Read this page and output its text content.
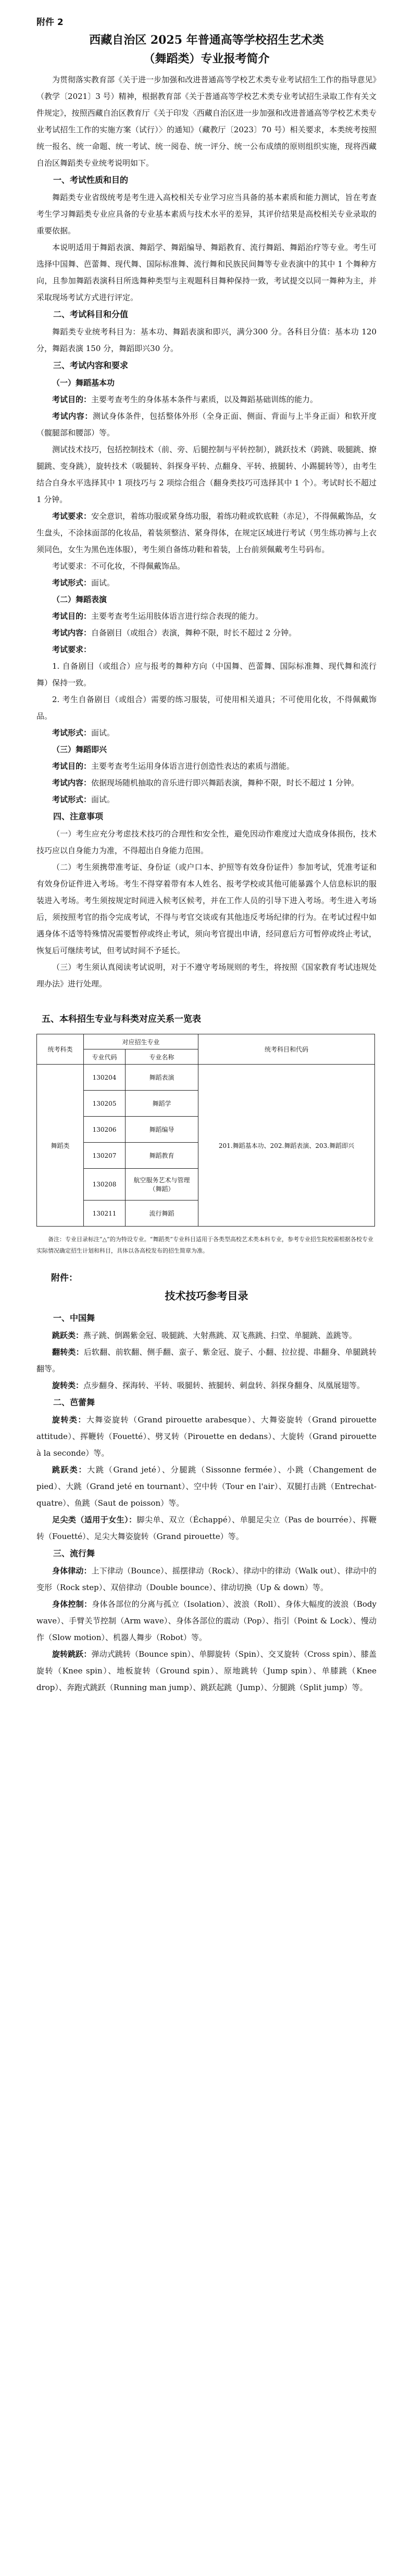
附件 2
西藏自治区 2025 年普通高等学校招生艺术类
（舞蹈类）专业报考简介

为贯彻落实教育部《关于进一步加强和改进普通高等学校艺术类专业考试招生工作的指导意见》（教学〔2021〕3 号）精神，根据教育部《关于普通高等学校艺术类专业考试招生录取工作有关文件规定》，按照西藏自治区教育厅《关于印发〈西藏自治区进一步加强和改进普通高等学校艺术类专业考试招生工作的实施方案（试行）〉的通知》（藏教厅〔2023〕70 号）相关要求，本类统考按照统一报名、统一命题、统一考试、统一阅卷、统一评分、统一公布成绩的原则组织实施，现将西藏自治区舞蹈类专业统考说明如下。

一、考试性质和目的

舞蹈类专业省级统考是考生进入高校相关专业学习应当具备的基本素质和能力测试，旨在考查考生学习舞蹈类专业应具备的专业基本素质与技术水平的差异，其评价结果是高校相关专业录取的重要依据。

本说明适用于舞蹈表演、舞蹈学、舞蹈编导、舞蹈教育、流行舞蹈、舞蹈治疗等专业。考生可选择中国舞、芭蕾舞、现代舞、国际标准舞、流行舞和民族民间舞等专业表演中的其中 1 个舞种方向，且参加舞蹈表演科目所选舞种类型与主观题科目舞种保持一致，考试提交以同一舞种为主，并采取现场考试方式进行评定。

二、考试科目和分值

舞蹈类专业统考科目为：基本功、舞蹈表演和即兴，满分300 分。各科目分值：基本功 120 分，舞蹈表演 150 分，舞蹈即兴30 分。

三、考试内容和要求
（一）舞蹈基本功

考试目的：主要考查考生的身体基本条件与素质，以及舞蹈基础训练的能力。

考试内容：测试身体条件，包括整体外形（全身正面、侧面、背面与上半身正面）和软开度（髋腿部和腰部）等。

测试技术技巧，包括控制技术（前、旁、后腿控制与平转控制），跳跃技术（跨跳、吸腿跳、撩腿跳、变身跳），旋转技术（吸腿转、斜探身平转、点翻身、平转、掖腿转、小踢腿转等），由考生结合自身水平选择其中 1 项技巧与 2 项综合组合（翻身类技巧可选择其中 1 个）。考试时长不超过 1 分钟。

考试要求：安全意识，着练功服或紧身练功服，着练功鞋或软底鞋（赤足），不得佩戴饰品，女生盘头，不涂抹面部的化妆品，着装须整洁、紧身得体，在规定区域进行考试（男生练功裤与上衣须同色，女生为黑色连体服），考生须自备练功鞋和着装，上台前须佩戴考生号码布。

考试要求：不可化妆，不得佩戴饰品。

考试形式：面试。

（二）舞蹈表演

考试目的：主要考查考生运用肢体语言进行综合表现的能力。

考试内容：自备剧目（或组合）表演，舞种不限，时长不超过 2 分钟。

考试要求：

1. 自备剧目（或组合）应与报考的舞种方向（中国舞、芭蕾舞、国际标准舞、现代舞和流行舞）保持一致。

2. 考生自备剧目（或组合）需要的练习服装，可使用相关道具；不可使用化妆，不得佩戴饰品。

考试形式：面试。

（三）舞蹈即兴

考试目的：主要考查考生运用身体语言进行创造性表达的素质与潜能。

考试内容：依据现场随机抽取的音乐进行即兴舞蹈表演，舞种不限，时长不超过 1 分钟。

考试形式：面试。

四、注意事项

（一）考生应充分考虑技术技巧的合理性和安全性，避免因动作难度过大造成身体损伤，技术技巧应以自身能力为准，不得超出自身能力范围。

（二）考生须携带准考证、身份证（或户口本、护照等有效身份证件）参加考试，凭准考证和有效身份证件进入考场。考生不得穿着带有本人姓名、报考学校或其他可能暴露个人信息标识的服装进入考场。考生须按规定时间进入候考区候考，并在工作人员的引导下进入考场。考生进入考场后，须按照考官的指令完成考试，不得与考官交谈或有其他违反考场纪律的行为。在考试过程中如遇身体不适等特殊情况需要暂停或终止考试，须向考官提出申请，经同意后方可暂停或终止考试，恢复后可继续考试，但考试时间不予延长。

（三）考生须认真阅读考试说明，对于不遵守考场规则的考生，将按照《国家教育考试违规处理办法》进行处理。

五、本科招生专业与科类对应关系一览表
统考科类	对应招生专业		统考科目和代码
	专业代码	专业名称	
舞蹈类	130204	舞蹈表演	201.舞蹈基本功、202.舞蹈表演、203.舞蹈即兴
	130205	舞蹈学	
	130206	舞蹈编导	
	130207	舞蹈教育	
	130208	航空服务艺术与管理（舞蹈）	
	130211	流行舞蹈	

备注：专业目录标注“△”的为特设专业。“舞蹈类”专业科目适用于各类型高校艺术类本科专业，参考专业招生院校需根据各校专业实际情况确定招生计划和科目，具体以各高校发布的招生简章为准。

附件：
技术技巧参考目录
一、中国舞

跳跃类：燕子跳、倒踢紫金冠、吸腿跳、大射燕跳、双飞燕跳、扫堂、单腿跳、盖跳等。

翻转类：后软翻、前软翻、侧手翻、蛮子、紫金冠、旋子、小翻、拉拉提、串翻身、单腿跳转翻等。

旋转类：点步翻身、探海转、平转、吸腿转、掖腿转、刺盘转、斜探身翻身、凤凰展翅等。

二、芭蕾舞

旋转类：大舞姿旋转（Grand pirouette arabesque）、大舞姿旋转（Grand pirouette attitude）、挥鞭转（Fouetté）、劈叉转（Pirouette en dedans）、大旋转（Grand pirouette à la seconde）等。

跳跃类：大跳（Grand jeté）、分腿跳（Sissonne fermée）、小跳（Changement de pied）、大跳（Grand jeté en tournant）、空中转（Tour en l'air）、双腿打击跳（Entrechat-quatre）、鱼跳（Saut de poisson）等。

足尖类（适用于女生）：脚尖单、双立（Échappé）、单腿足尖立（Pas de bourrée）、挥鞭转（Fouetté）、足尖大舞姿旋转（Grand pirouette）等。

三、流行舞

身体律动：上下律动（Bounce）、摇摆律动（Rock）、律动中的律动（Walk out）、律动中的变形（Rock step）、双倍律动（Double bounce）、律动切换（Up & down）等。

身体控制：身体各部位的分离与孤立（Isolation）、波浪（Roll）、身体大幅度的波浪（Body wave）、手臂关节控制（Arm wave）、身体各部位的震动（Pop）、指引（Point & Lock）、慢动作（Slow motion）、机器人舞步（Robot）等。

旋转跳跃：弹动式跳转（Bounce spin）、单脚旋转（Spin）、交叉旋转（Cross spin）、膝盖旋转（Knee spin）、地板旋转（Ground spin）、原地跳转（Jump spin）、单膝跳（Knee drop）、奔跑式跳跃（Running man jump）、跳跃起跳（Jump）、分腿跳（Split jump）等。
